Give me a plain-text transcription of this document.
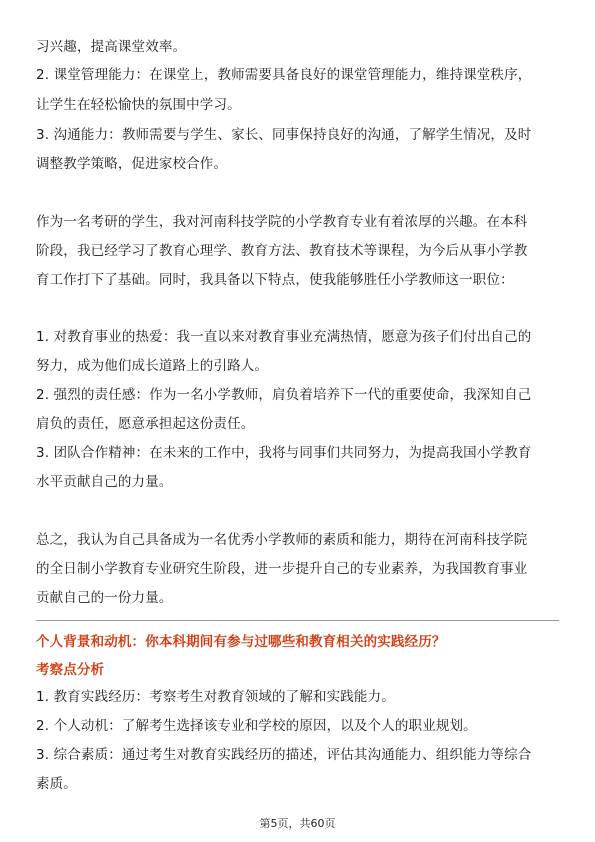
习兴趣，提高课堂效率。
2. 课堂管理能力：在课堂上，教师需要具备良好的课堂管理能力，维持课堂秩序，
让学生在轻松愉快的氛围中学习。
3. 沟通能力：教师需要与学生、家长、同事保持良好的沟通，了解学生情况，及时
调整教学策略，促进家校合作。
作为一名考研的学生，我对河南科技学院的小学教育专业有着浓厚的兴趣。在本科
阶段，我已经学习了教育心理学、教育方法、教育技术等课程，为今后从事小学教
育工作打下了基础。同时，我具备以下特点，使我能够胜任小学教师这一职位：
1. 对教育事业的热爱：我一直以来对教育事业充满热情，愿意为孩子们付出自己的
努力，成为他们成长道路上的引路人。
2. 强烈的责任感：作为一名小学教师，肩负着培养下一代的重要使命，我深知自己
肩负的责任，愿意承担起这份责任。
3. 团队合作精神：在未来的工作中，我将与同事们共同努力，为提高我国小学教育
水平贡献自己的力量。
总之，我认为自己具备成为一名优秀小学教师的素质和能力，期待在河南科技学院
的全日制小学教育专业研究生阶段，进一步提升自己的专业素养，为我国教育事业
贡献自己的一份力量。
个人背景和动机：你本科期间有参与过哪些和教育相关的实践经历？
考察点分析
1. 教育实践经历：考察考生对教育领域的了解和实践能力。
2. 个人动机：了解考生选择该专业和学校的原因，以及个人的职业规划。
3. 综合素质：通过考生对教育实践经历的描述，评估其沟通能力、组织能力等综合
素质。
第5页，共60页
